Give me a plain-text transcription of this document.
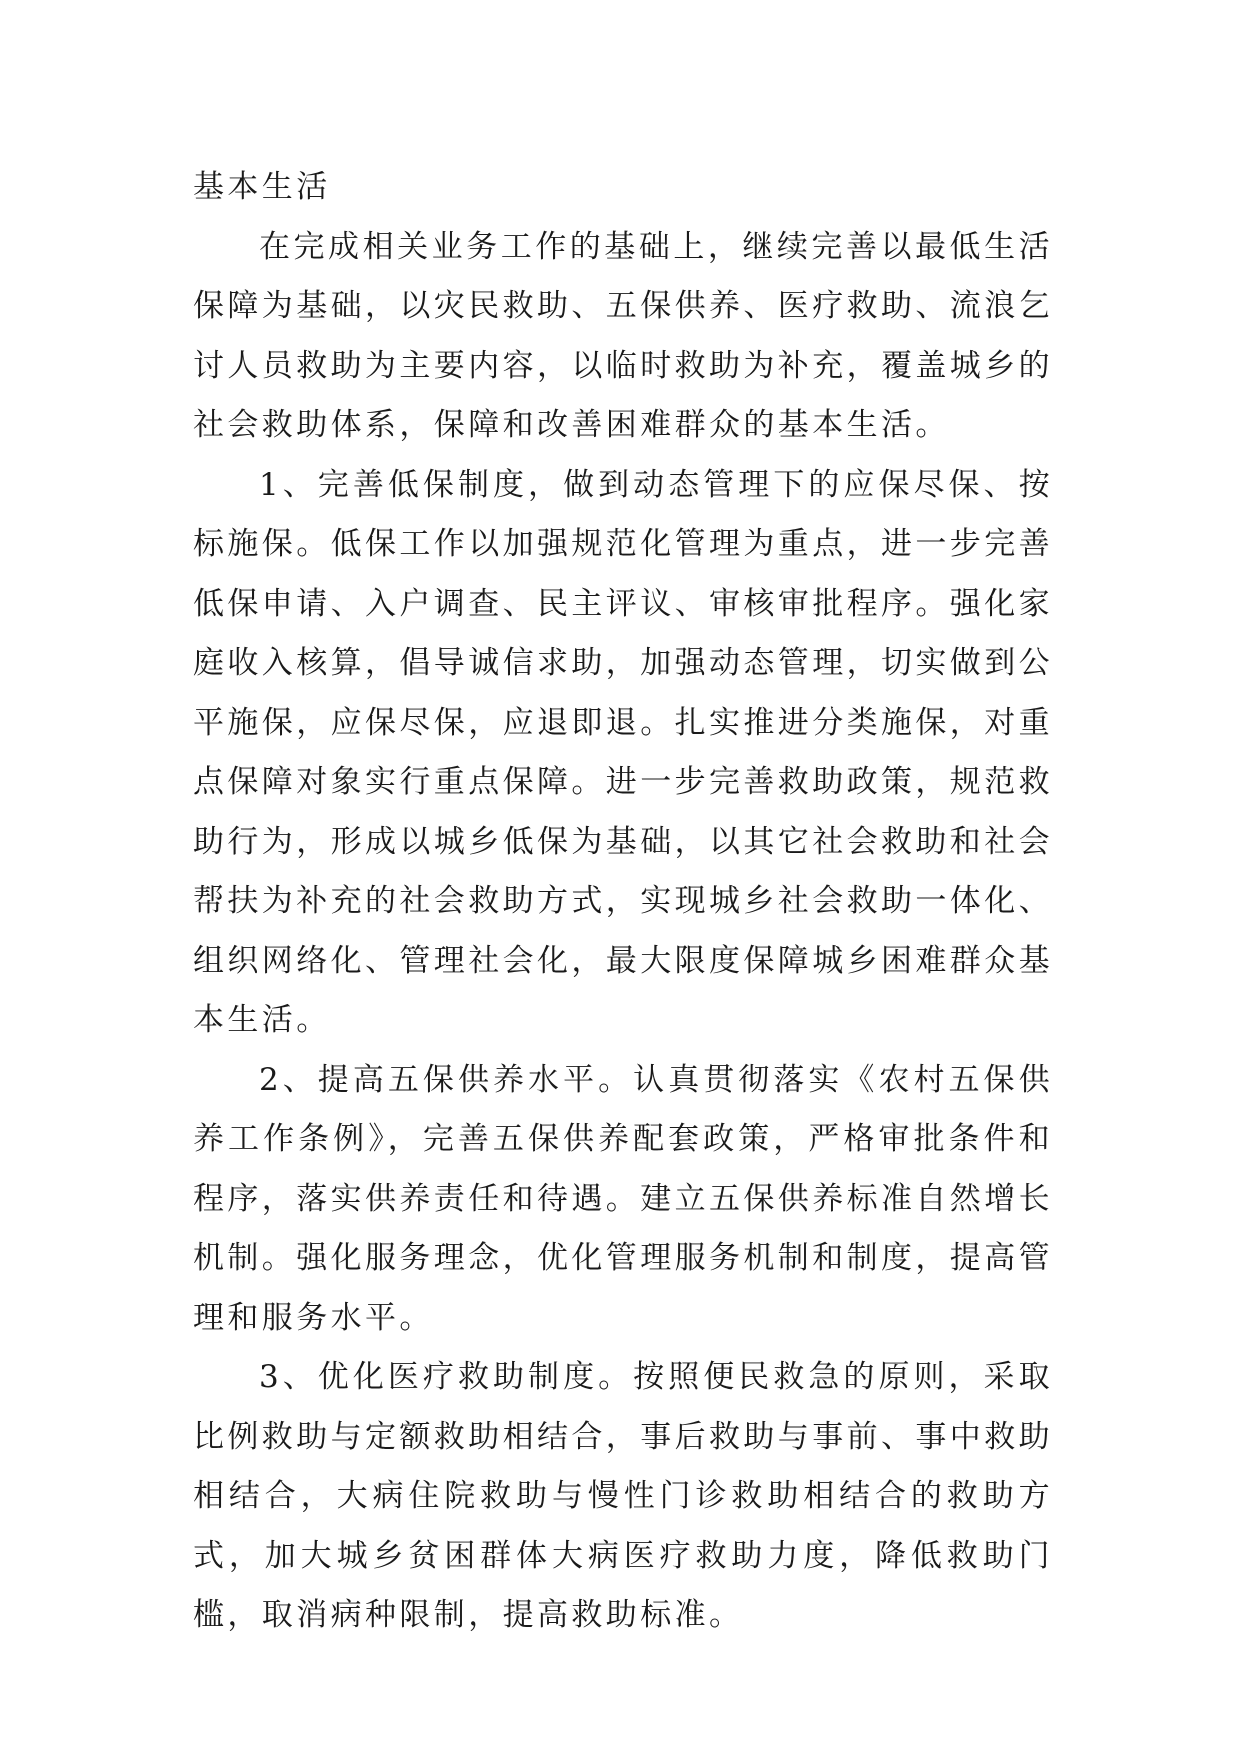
基本生活

在完成相关业务工作的基础上，继续完善以最低生活保障为基础，以灾民救助、五保供养、医疗救助、流浪乞讨人员救助为主要内容，以临时救助为补充，覆盖城乡的社会救助体系，保障和改善困难群众的基本生活。

1、完善低保制度，做到动态管理下的应保尽保、按标施保。低保工作以加强规范化管理为重点，进一步完善低保申请、入户调查、民主评议、审核审批程序。强化家庭收入核算，倡导诚信求助，加强动态管理，切实做到公平施保，应保尽保，应退即退。扎实推进分类施保，对重点保障对象实行重点保障。进一步完善救助政策，规范救助行为，形成以城乡低保为基础，以其它社会救助和社会帮扶为补充的社会救助方式，实现城乡社会救助一体化、组织网络化、管理社会化，最大限度保障城乡困难群众基本生活。

2、提高五保供养水平。认真贯彻落实《农村五保供养工作条例》，完善五保供养配套政策，严格审批条件和程序，落实供养责任和待遇。建立五保供养标准自然增长机制。强化服务理念，优化管理服务机制和制度，提高管理和服务水平。

3、优化医疗救助制度。按照便民救急的原则，采取比例救助与定额救助相结合，事后救助与事前、事中救助相结合，大病住院救助与慢性门诊救助相结合的救助方式，加大城乡贫困群体大病医疗救助力度，降低救助门槛，取消病种限制，提高救助标准。
